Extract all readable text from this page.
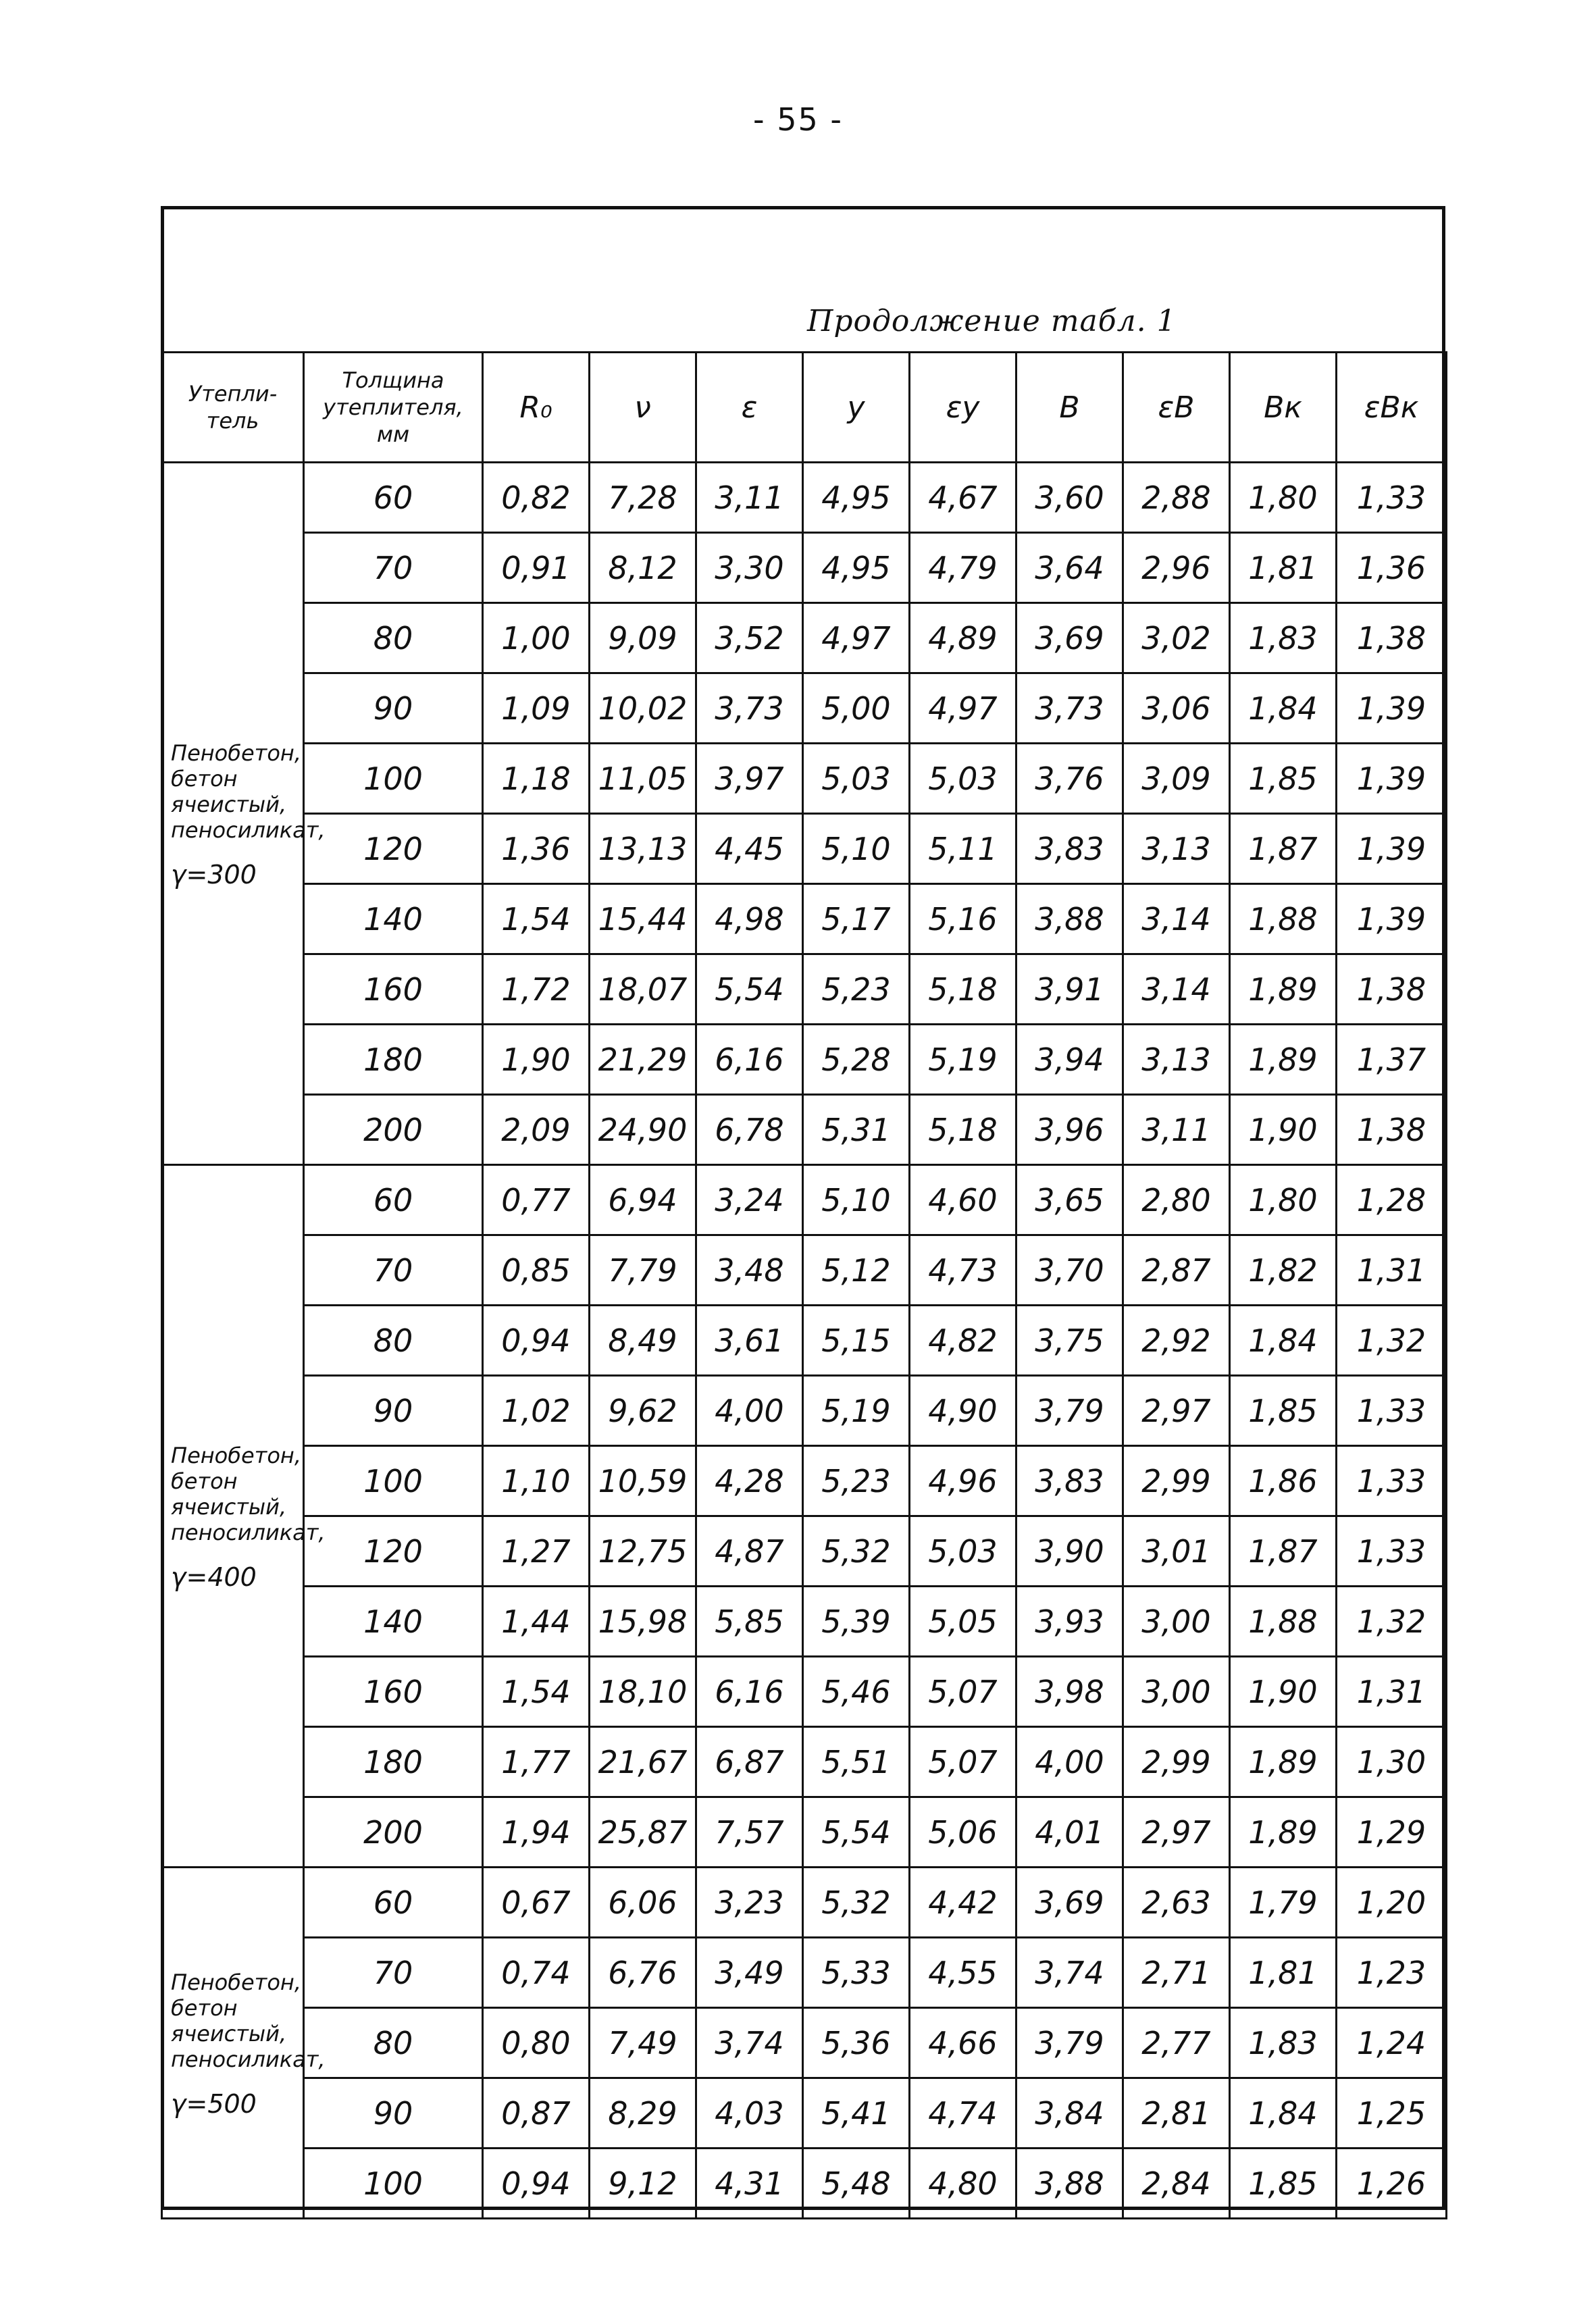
- 55 -
Продолжение табл. 1
Утепли-тель	Толщина утеплителя, мм	R₀	ν	ε	y	εy	B	εB	Bк	εBк
Пенобетон, бетон ячеистый, пеносиликат,
γ=300	60	0,82	7,28	3,11	4,95	4,67	3,60	2,88	1,80	1,33
	70	0,91	8,12	3,30	4,95	4,79	3,64	2,96	1,81	1,36
	80	1,00	9,09	3,52	4,97	4,89	3,69	3,02	1,83	1,38
	90	1,09	10,02	3,73	5,00	4,97	3,73	3,06	1,84	1,39
	100	1,18	11,05	3,97	5,03	5,03	3,76	3,09	1,85	1,39
	120	1,36	13,13	4,45	5,10	5,11	3,83	3,13	1,87	1,39
	140	1,54	15,44	4,98	5,17	5,16	3,88	3,14	1,88	1,39
	160	1,72	18,07	5,54	5,23	5,18	3,91	3,14	1,89	1,38
	180	1,90	21,29	6,16	5,28	5,19	3,94	3,13	1,89	1,37
	200	2,09	24,90	6,78	5,31	5,18	3,96	3,11	1,90	1,38
Пенобетон, бетон ячеистый, пеносиликат,
γ=400	60	0,77	6,94	3,24	5,10	4,60	3,65	2,80	1,80	1,28
	70	0,85	7,79	3,48	5,12	4,73	3,70	2,87	1,82	1,31
	80	0,94	8,49	3,61	5,15	4,82	3,75	2,92	1,84	1,32
	90	1,02	9,62	4,00	5,19	4,90	3,79	2,97	1,85	1,33
	100	1,10	10,59	4,28	5,23	4,96	3,83	2,99	1,86	1,33
	120	1,27	12,75	4,87	5,32	5,03	3,90	3,01	1,87	1,33
	140	1,44	15,98	5,85	5,39	5,05	3,93	3,00	1,88	1,32
	160	1,54	18,10	6,16	5,46	5,07	3,98	3,00	1,90	1,31
	180	1,77	21,67	6,87	5,51	5,07	4,00	2,99	1,89	1,30
	200	1,94	25,87	7,57	5,54	5,06	4,01	2,97	1,89	1,29
Пенобетон, бетон ячеистый, пеносиликат,
γ=500	60	0,67	6,06	3,23	5,32	4,42	3,69	2,63	1,79	1,20
	70	0,74	6,76	3,49	5,33	4,55	3,74	2,71	1,81	1,23
	80	0,80	7,49	3,74	5,36	4,66	3,79	2,77	1,83	1,24
	90	0,87	8,29	4,03	5,41	4,74	3,84	2,81	1,84	1,25
	100	0,94	9,12	4,31	5,48	4,80	3,88	2,84	1,85	1,26
